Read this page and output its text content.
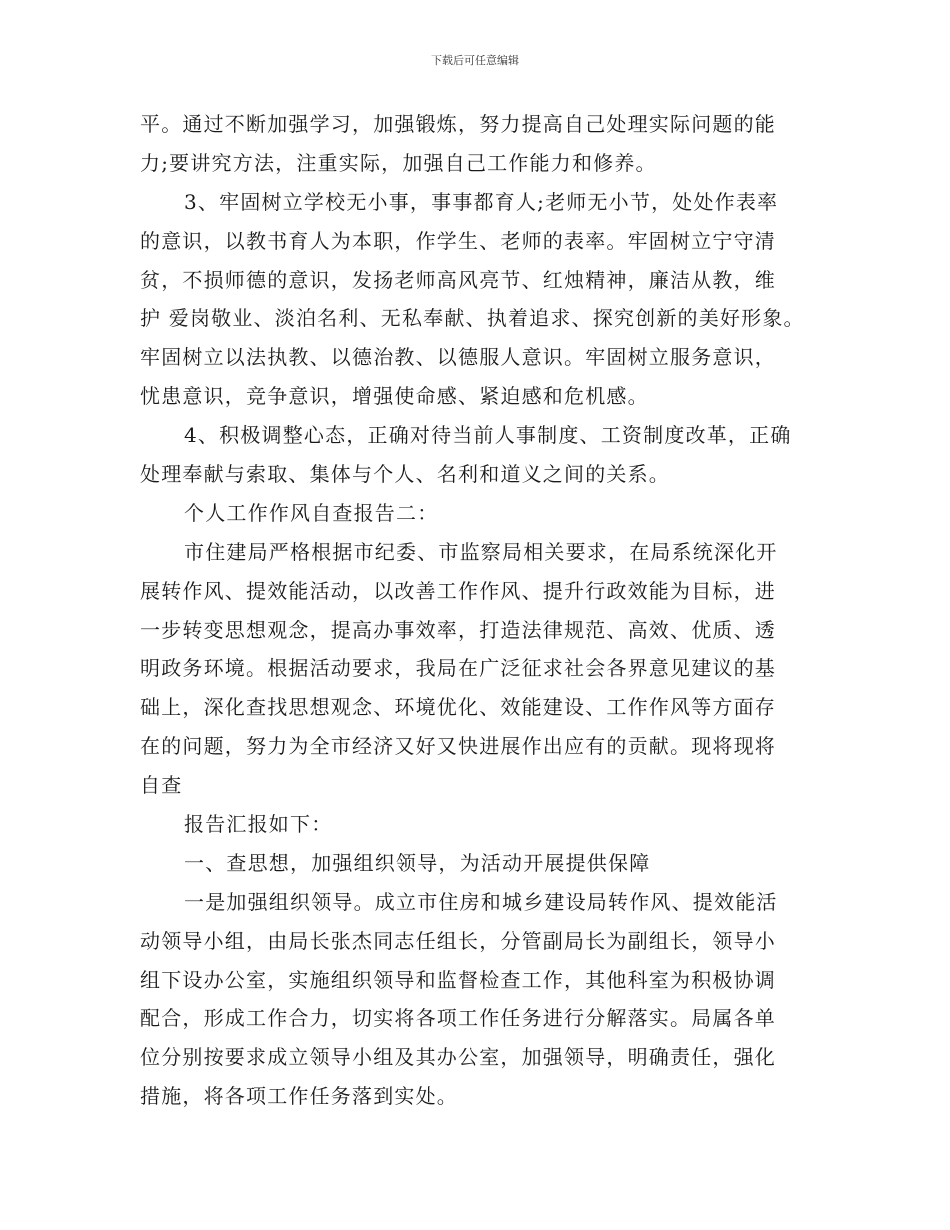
下载后可任意编辑
平。通过不断加强学习，加强锻炼，努力提高自己处理实际问题的能
力;要讲究方法，注重实际，加强自己工作能力和修养。
3、牢固树立学校无小事，事事都育人;老师无小节，处处作表率
的意识，以教书育人为本职，作学生、老师的表率。牢固树立宁守清
贫，不损师德的意识，发扬老师高风亮节、红烛精神，廉洁从教，维
护 爱岗敬业、淡泊名利、无私奉献、执着追求、探究创新的美好形象。
牢固树立以法执教、以德治教、以德服人意识。牢固树立服务意识，
忧患意识，竞争意识，增强使命感、紧迫感和危机感。
4、积极调整心态，正确对待当前人事制度、工资制度改革，正确
处理奉献与索取、集体与个人、名利和道义之间的关系。
个人工作作风自查报告二：
市住建局严格根据市纪委、市监察局相关要求，在局系统深化开
展转作风、提效能活动，以改善工作作风、提升行政效能为目标，进
一步转变思想观念，提高办事效率，打造法律规范、高效、优质、透
明政务环境。根据活动要求，我局在广泛征求社会各界意见建议的基
础上，深化查找思想观念、环境优化、效能建设、工作作风等方面存
在的问题，努力为全市经济又好又快进展作出应有的贡献。现将现将
自查
报告汇报如下：
一、查思想，加强组织领导，为活动开展提供保障
一是加强组织领导。成立市住房和城乡建设局转作风、提效能活
动领导小组，由局长张杰同志任组长，分管副局长为副组长，领导小
组下设办公室，实施组织领导和监督检查工作，其他科室为积极协调
配合，形成工作合力，切实将各项工作任务进行分解落实。局属各单
位分别按要求成立领导小组及其办公室，加强领导，明确责任，强化
措施，将各项工作任务落到实处。
